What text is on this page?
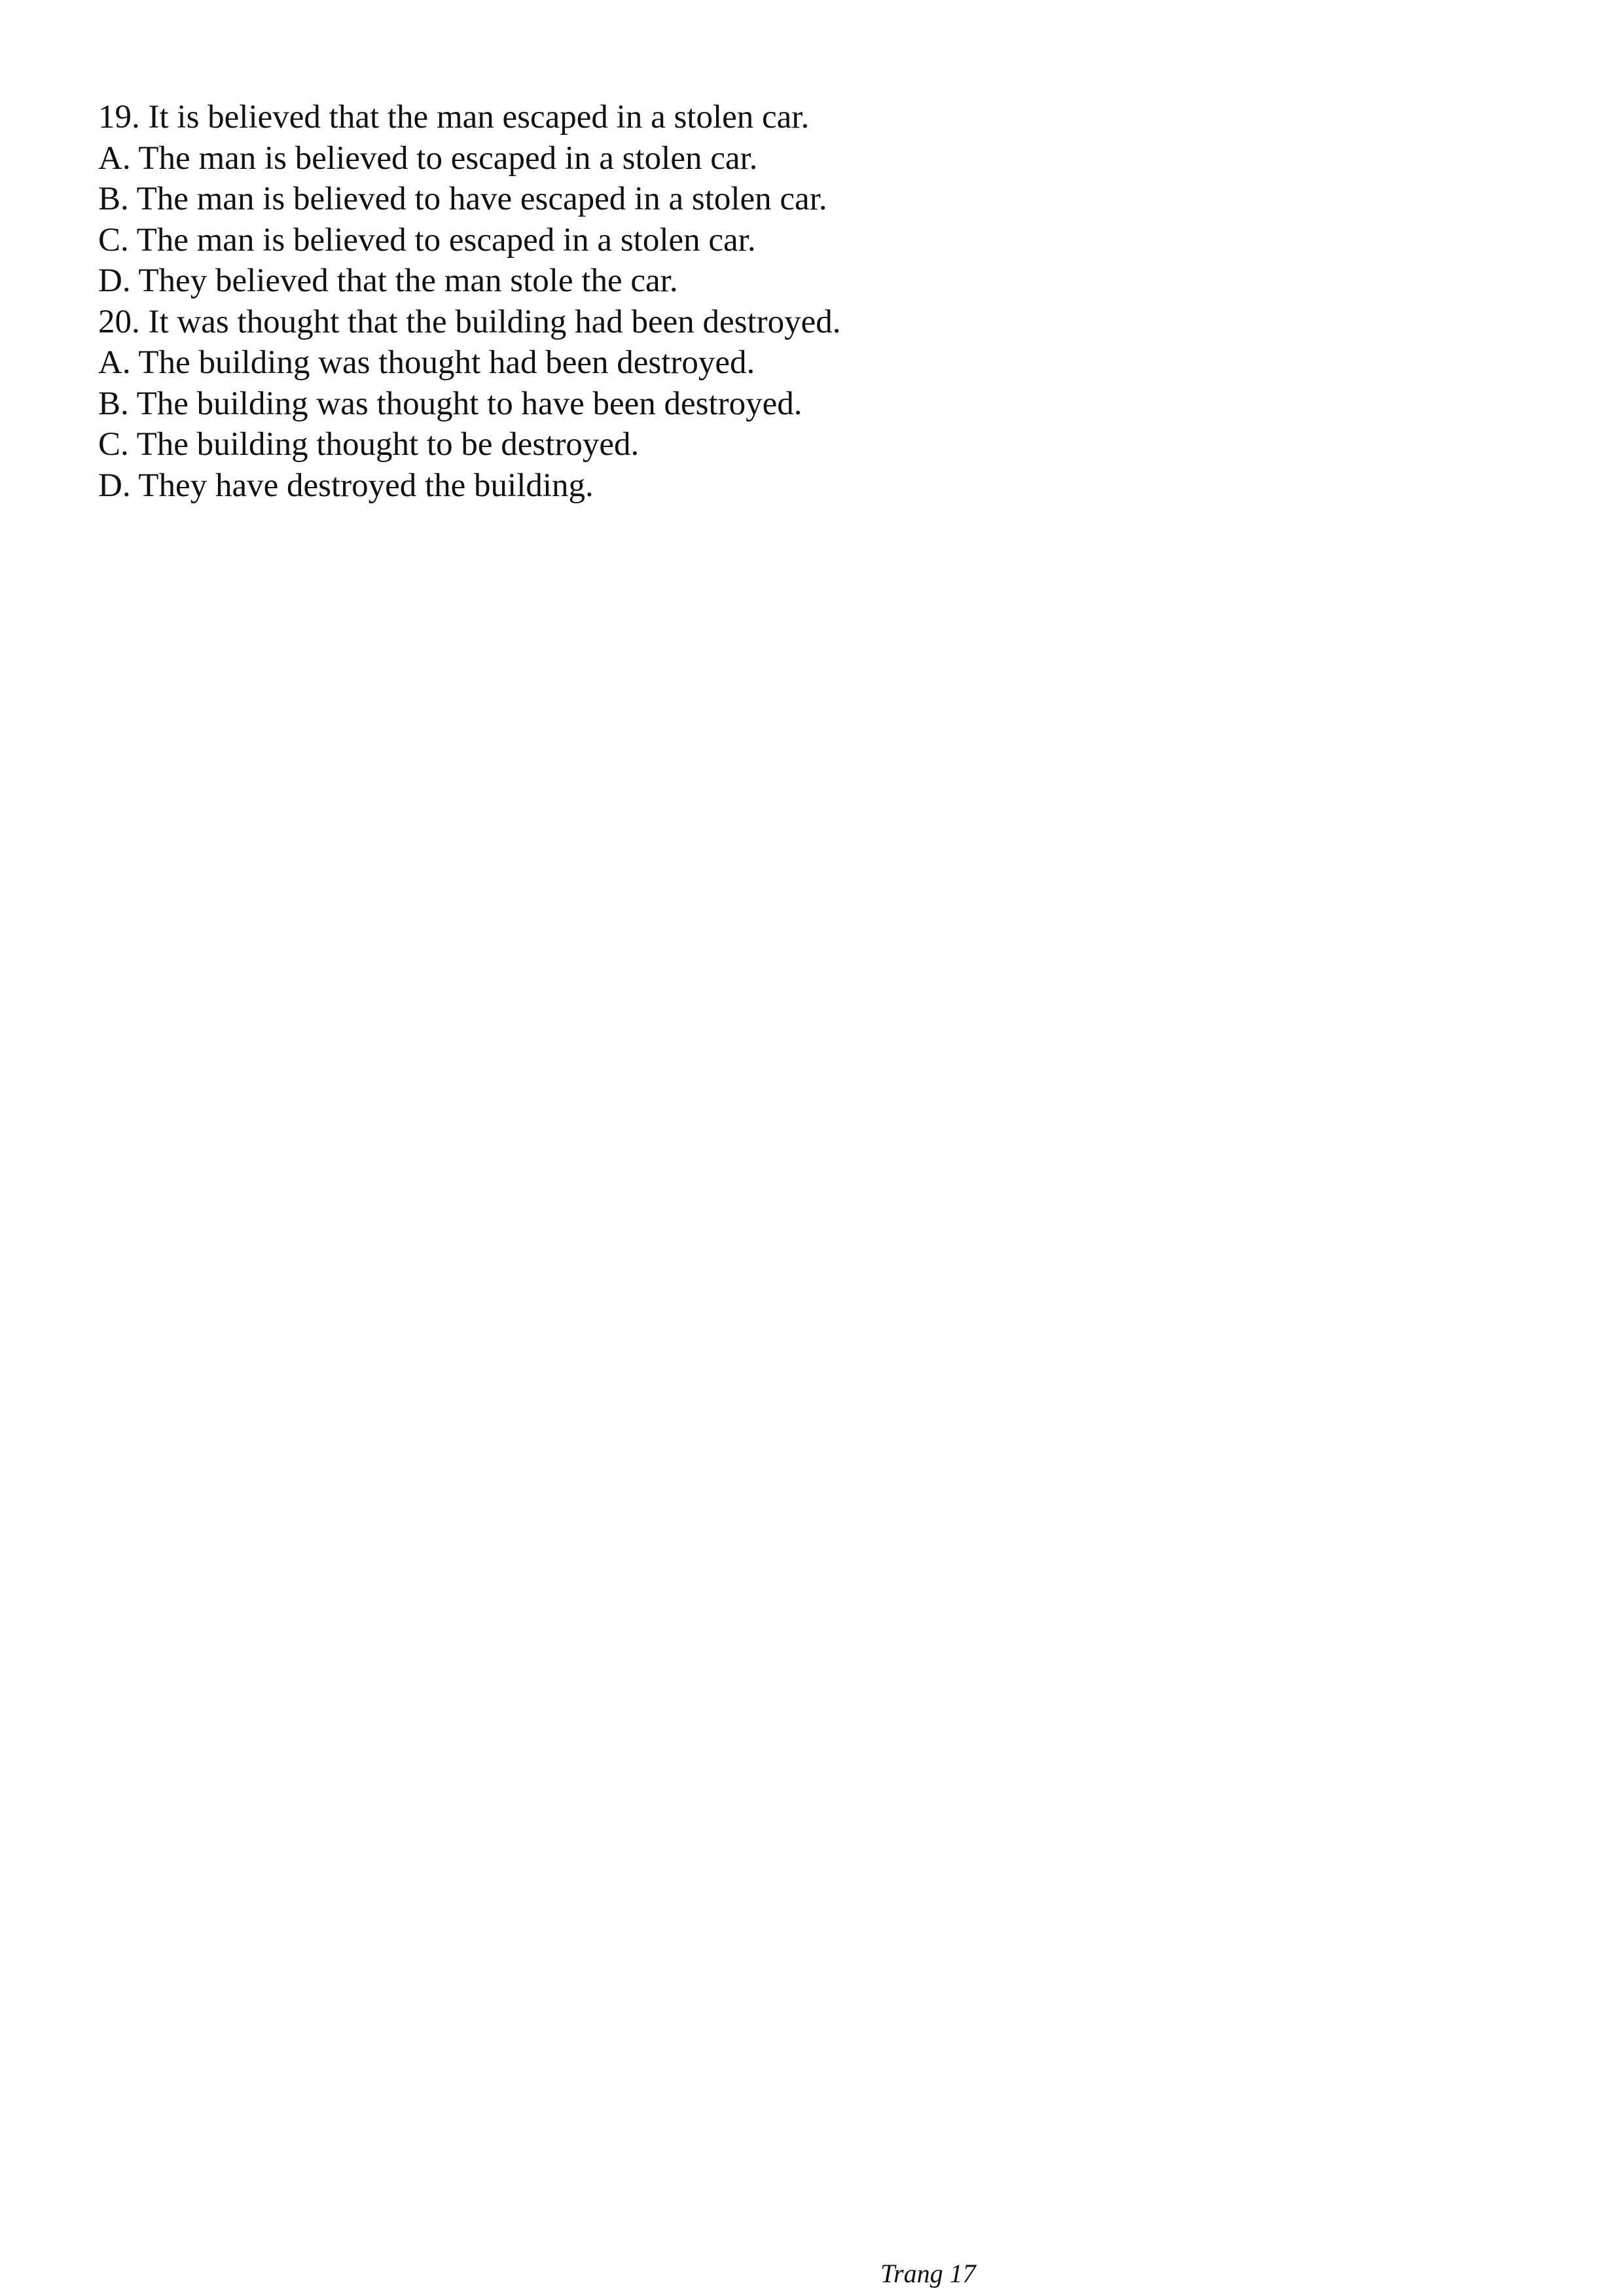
19. It is believed that the man escaped in a stolen car.

A. The man is believed to escaped in a stolen car.

B. The man is believed to have escaped in a stolen car.

C. The man is believed to escaped in a stolen car.

D. They believed that the man stole the car.

20. It was thought that the building had been destroyed.

A. The building was thought had been destroyed.

B. The building was thought to have been destroyed.

C. The building thought to be destroyed.

D. They have destroyed the building.

Trang 17
